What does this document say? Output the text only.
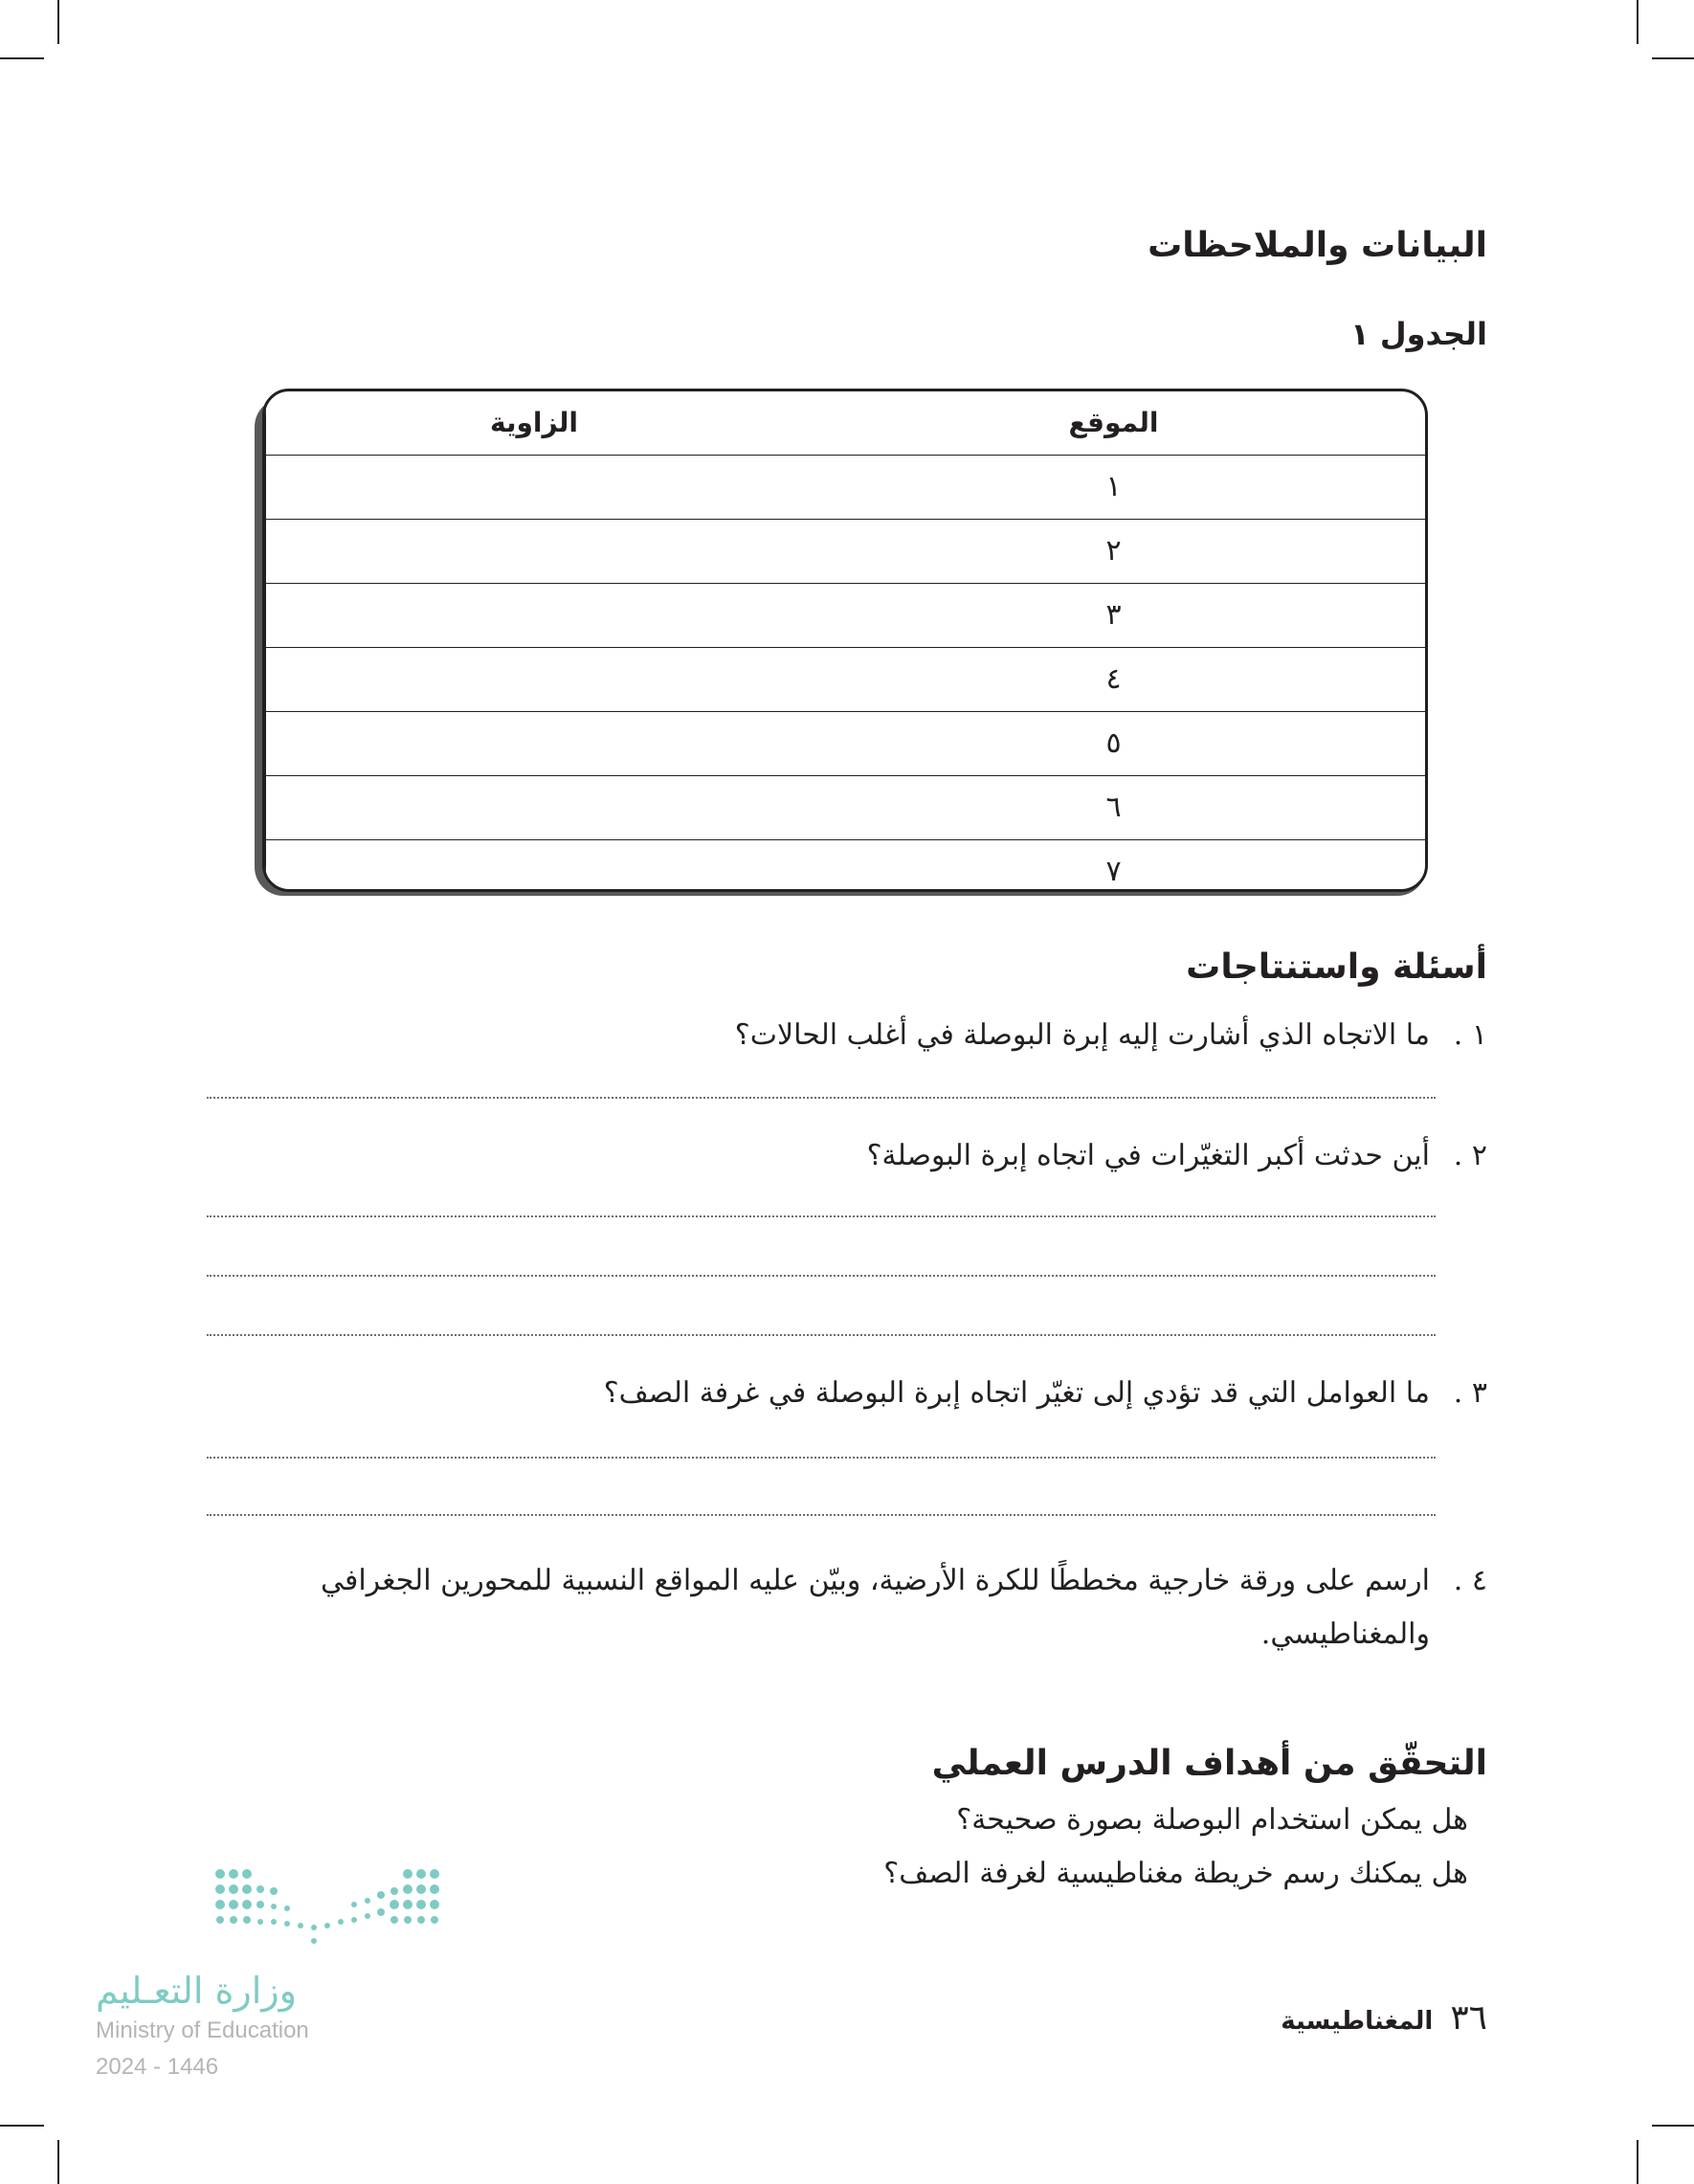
البيانات والملاحظات
الجدول ١
الموقع	الزاوية
١	
٢	
٣	
٤	
٥	
٦	
٧	
أسئلة واستنتاجات
١ .ما الاتجاه الذي أشارت إليه إبرة البوصلة في أغلب الحالات؟
٢ .أين حدثت أكبر التغيّرات في اتجاه إبرة البوصلة؟
٣ .ما العوامل التي قد تؤدي إلى تغيّر اتجاه إبرة البوصلة في غرفة الصف؟
٤ .ارسم على ورقة خارجية مخططًا للكرة الأرضية، وبيّن عليه المواقع النسبية للمحورين الجغرافي
والمغناطيسي.
التحقّق من أهداف الدرس العملي
هل يمكن استخدام البوصلة بصورة صحيحة؟
هل يمكنك رسم خريطة مغناطيسية لغرفة الصف؟
وزارة التعـليم
Ministry of Education
2024 - 1446
٣٦المغناطيسية
